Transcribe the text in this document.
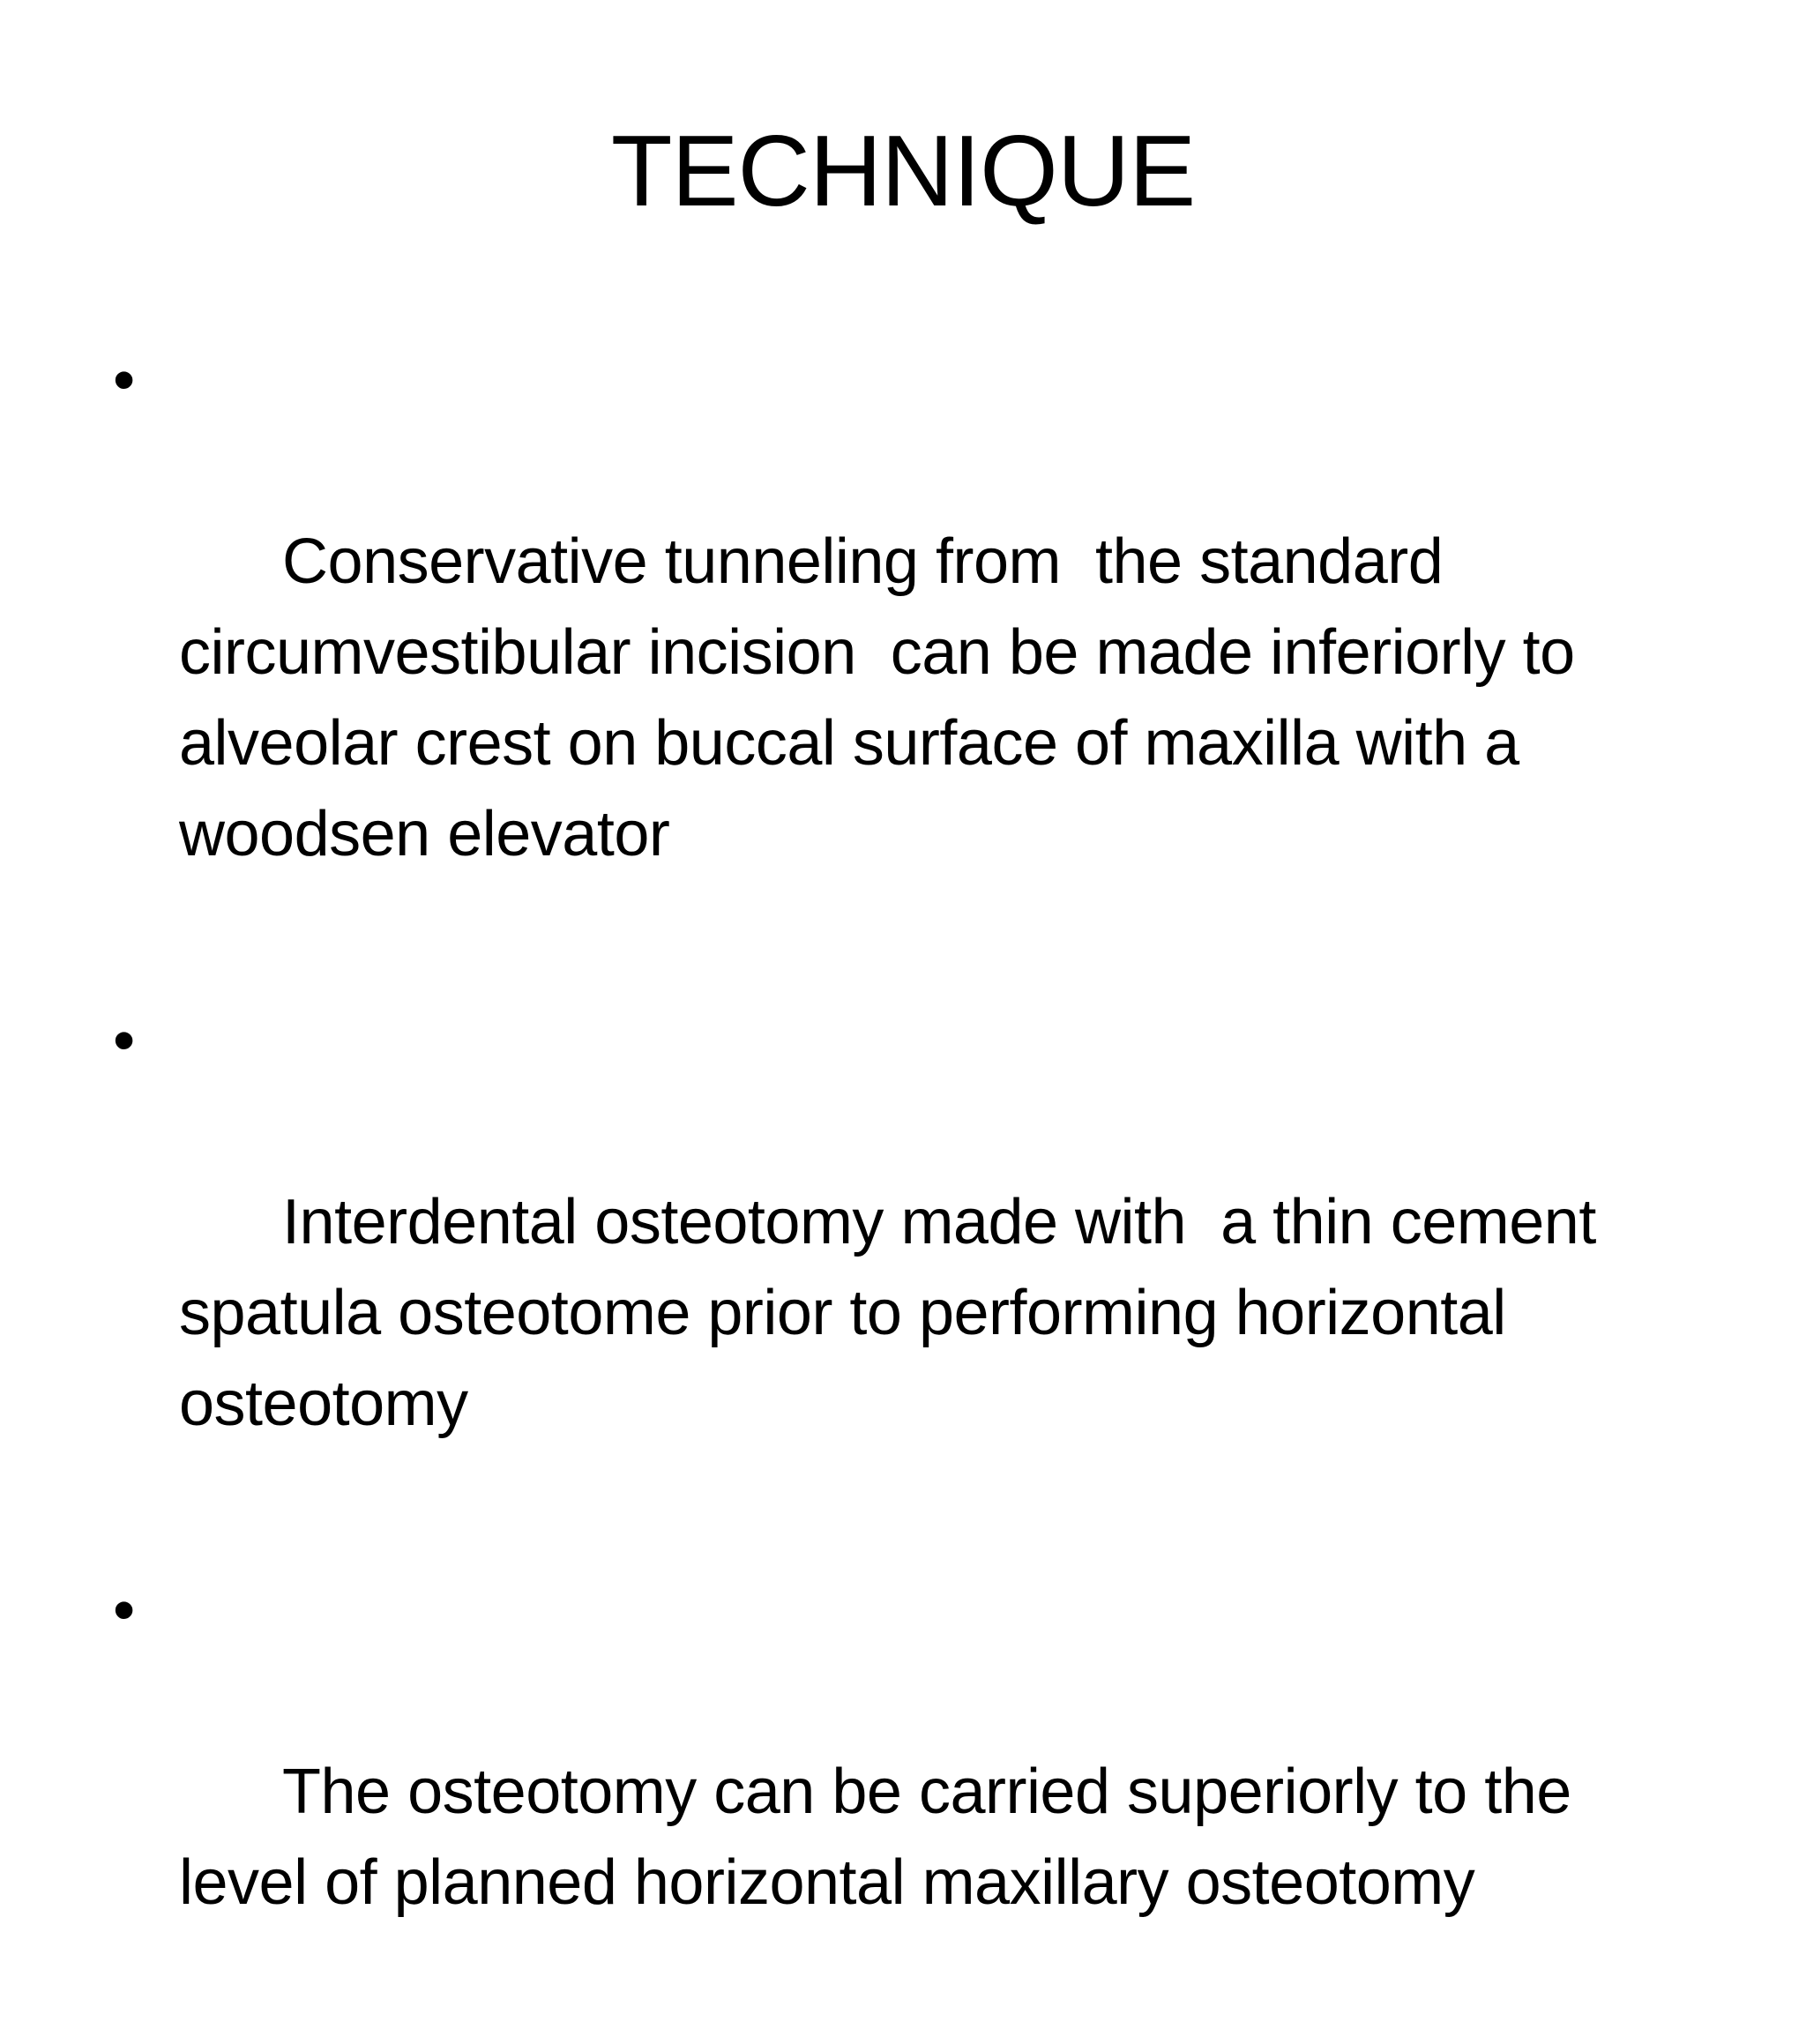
TECHNIQUE

•

Conservative tunneling from  the standard circumvestibular incision  can be made inferiorly to alveolar crest on buccal surface of maxilla with a woodsen elevator

•

Interdental osteotomy made with  a thin cement spatula osteotome prior to performing horizontal osteotomy

•

The osteotomy can be carried superiorly to the level of planned horizontal maxillary osteotomy
